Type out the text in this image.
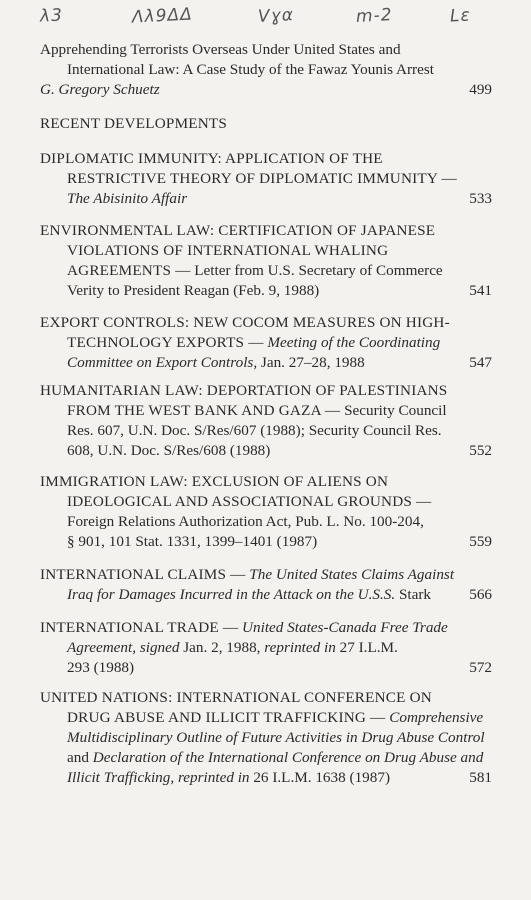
λ3	Λλ9ΔΔ	Vɣα	m-2	Lε
Apprehending Terrorists Overseas Under United States and
International Law: A Case Study of the Fawaz Younis Arrest
G. Gregory Schuetz	499
RECENT DEVELOPMENTS
DIPLOMATIC IMMUNITY: APPLICATION OF THE
RESTRICTIVE THEORY OF DIPLOMATIC IMMUNITY —
The Abisinito Affair	533
ENVIRONMENTAL LAW: CERTIFICATION OF JAPANESE
VIOLATIONS OF INTERNATIONAL WHALING
AGREEMENTS — Letter from U.S. Secretary of Commerce
Verity to President Reagan (Feb. 9, 1988)	541
EXPORT CONTROLS: NEW COCOM MEASURES ON HIGH-
TECHNOLOGY EXPORTS — Meeting of the Coordinating
Committee on Export Controls, Jan. 27–28, 1988	547
HUMANITARIAN LAW: DEPORTATION OF PALESTINIANS
FROM THE WEST BANK AND GAZA — Security Council
Res. 607, U.N. Doc. S/Res/607 (1988); Security Council Res.
608, U.N. Doc. S/Res/608 (1988)	552
IMMIGRATION LAW: EXCLUSION OF ALIENS ON
IDEOLOGICAL AND ASSOCIATIONAL GROUNDS —
Foreign Relations Authorization Act, Pub. L. No. 100-204,
§ 901, 101 Stat. 1331, 1399–1401 (1987)	559
INTERNATIONAL CLAIMS — The United States Claims Against
Iraq for Damages Incurred in the Attack on the U.S.S. Stark	566
INTERNATIONAL TRADE — United States-Canada Free Trade
Agreement, signed Jan. 2, 1988, reprinted in 27 I.L.M.
293 (1988)	572
UNITED NATIONS: INTERNATIONAL CONFERENCE ON
DRUG ABUSE AND ILLICIT TRAFFICKING — Comprehensive
Multidisciplinary Outline of Future Activities in Drug Abuse Control
and Declaration of the International Conference on Drug Abuse and
Illicit Trafficking, reprinted in 26 I.L.M. 1638 (1987)	581
